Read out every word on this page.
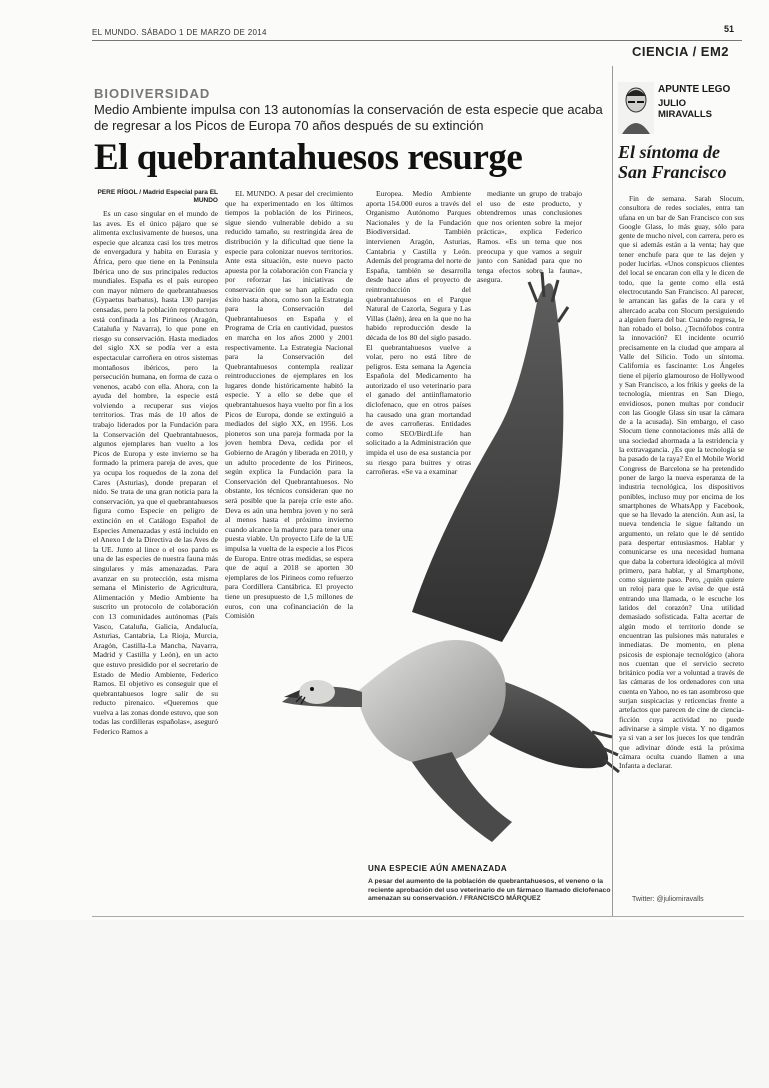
EL MUNDO. SÁBADO 1 DE MARZO DE 2014	51
CIENCIA / EM2
BIODIVERSIDAD
Medio Ambiente impulsa con 13 autonomías la conservación de esta especie que acaba de regresar a los Picos de Europa 70 años después de su extinción
El quebrantahuesos resurge
PERE RÍGOL / Madrid Especial para EL MUNDO

Es un caso singular en el mundo de las aves. Es el único pájaro que se alimenta exclusivamente de huesos, una especie que alcanza casi los tres metros de envergadura y habita en Eurasia y África, pero que tiene en la Península Ibérica uno de sus principales reductos mundiales. España es el país europeo con mayor número de quebrantahuesos (Gypaetus barbatus), hasta 130 parejas censadas, pero la población reproductora está confinada a los Pirineos (Aragón, Cataluña y Navarra), lo que pone en riesgo su conservación. Hasta mediados del siglo XX se podía ver a esta espectacular carroñera en otros sistemas montañosos ibéricos, pero la persecución humana, en forma de caza o venenos, acabó con ella. Ahora, con la ayuda del hombre, la especie está volviendo a recuperar sus viejos territorios. Tras más de 10 años de trabajo liderados por la Fundación para la Conservación del Quebrantahuesos, algunos ejemplares han vuelto a los Picos de Europa y este invierno se ha formado la primera pareja de aves, que ya ocupa los roquedos de la zona del Cares (Asturias), donde preparan el nido. Se trata de una gran noticia para la conservación, ya que el quebrantahuesos figura como Especie en peligro de extinción en el Catálogo Español de Especies Amenazadas y está incluido en el Anexo I de la Directiva de las Aves de la UE. Junto al lince o el oso pardo es una de las especies de nuestra fauna más singulares y más amenazadas. Para avanzar en su protección, esta misma semana el Ministerio de Agricultura, Alimentación y Medio Ambiente ha suscrito un protocolo de colaboración con 13 comunidades autónomas (País Vasco, Cataluña, Galicia, Andalucía, Asturias, Cantabria, La Rioja, Murcia, Aragón, Castilla-La Mancha, Navarra, Madrid y Castilla y León), en un acto que estuvo presidido por el secretario de Estado de Medio Ambiente, Federico Ramos. El objetivo es conseguir que el quebrantahuesos logre salir de su reducto pirenaico. «Queremos que vuelva a las zonas donde estuvo, que son todas las cordilleras españolas», aseguró Federico Ramos a

EL MUNDO. A pesar del crecimiento que ha experimentado en los últimos tiempos la población de los Pirineos, sigue siendo vulnerable debido a su reducido tamaño, su restringida área de distribución y la dificultad que tiene la especie para colonizar nuevos territorios. Ante esta situación, este nuevo pacto apuesta por la colaboración con Francia y por reforzar las iniciativas de conservación que se han aplicado con éxito hasta ahora, como son la Estrategia para la Conservación del Quebrantahuesos en España y el Programa de Cría en cautividad, puestos en marcha en los años 2000 y 2001 respectivamente. La Estrategia Nacional para la Conservación del Quebrantahuesos contempla realizar reintroducciones de ejemplares en los lugares donde históricamente habitó la especie. Y a ello se debe que el quebrantahuesos haya vuelto por fin a los Picos de Europa, donde se extinguió a mediados del siglo XX, en 1956. Los pioneros son una pareja formada por la joven hembra Deva, cedida por el Gobierno de Aragón y liberada en 2010, y un adulto procedente de los Pirineos, según explica la Fundación para la Conservación del Quebrantahuesos. No obstante, los técnicos consideran que no será posible que la pareja críe este año. Deva es aún una hembra joven y no será al menos hasta el próximo invierno cuando alcance la madurez para tener una puesta viable. Un proyecto Life de la UE impulsa la vuelta de la especie a los Picos de Europa. Entre otras medidas, se espera que de aquí a 2018 se aporten 30 ejemplares de los Pirineos como refuerzo para Cordillera Cantábrica. El proyecto tiene un presupuesto de 1,5 millones de euros, con una cofinanciación de la Comisión

Europea. Medio Ambiente aporta 154.000 euros a través del Organismo Autónomo Parques Nacionales y de la Fundación Biodiversidad. También intervienen Aragón, Asturias, Cantabria y Castilla y León. Además del programa del norte de España, también se desarrolla desde hace años el proyecto de reintroducción del quebrantahuesos en el Parque Natural de Cazorla, Segura y Las Villas (Jaén), área en la que no ha habido reproducción desde la década de los 80 del siglo pasado. El quebrantahuesos vuelve a volar, pero no está libre de peligros. Esta semana la Agencia Española del Medicamento ha autorizado el uso veterinario para el ganado del antiinflamatorio diclofenaco, que en otros países ha causado una gran mortandad de aves carroñeras. Entidades como SEO/BirdLife han solicitado a la Administración que impida el uso de esa sustancia por su riesgo para buitres y otras carroñeras. «Se va a examinar

mediante un grupo de trabajo el uso de este producto, y obtendremos unas conclusiones que nos orienten sobre la mejor práctica», explica Federico Ramos. «Es un tema que nos preocupa y que vamos a seguir junto con Sanidad para que no tenga efectos sobre la fauna», asegura.

UNA ESPECIE AÚN AMENAZADA
A pesar del aumento de la población de quebrantahuesos, el veneno o la reciente aprobación del uso veterinario de un fármaco llamado diclofenaco amenazan su conservación. / FRANCISCO MÁRQUEZ
APUNTE LEGO
JULIO
MIRAVALLS
El síntoma de San Francisco

Fin de semana. Sarah Slocum, consultora de redes sociales, entra tan ufana en un bar de San Francisco con sus Google Glass, lo más guay, sólo para gente de mucho nivel, con carrera, pero es que si además están a la venta; hay que tener enchufe para que te las dejen y poder lucirlas. «Unos conspicuos clientes del local se encaran con ella y le dicen de todo, que la gente como ella está electrocutando San Francisco. Al parecer, le arrancan las gafas de la cara y el altercado acaba con Slocum persiguiendo a alguien fuera del bar. Cuando regresa, le han robado el bolso. ¿Tecnófobos contra la innovación? El incidente ocurrió precisamente en la ciudad que ampara al Valle del Silicio. Todo un síntoma. California es fascinante: Los Ángeles tiene el pijerío glamouroso de Hollywood y San Francisco, a los frikis y geeks de la tecnología, mientras en San Diego, envidiosos, ponen multas por conducir con las Google Glass sin usar la cámara de a la acusada). Sin embargo, el caso Slocum tiene connotaciones más allá de una sociedad ahormada a la estridencia y la extravagancia. ¿Es que la tecnología se ha pasado de la raya? En el Mobile World Congress de Barcelona se ha pretendido poner de largo la nueva esperanza de la industria tecnológica, los dispositivos ponibles, incluso muy por encima de los smartphones de WhatsApp y Facebook, que se ha llevado la atención. Aun así, la nueva tendencia le sigue faltando un argumento, un relato que le dé sentido para despertar entusiasmos. Hablar y comunicarse es una necesidad humana que daba la cobertura ideológica al móvil primero, para hablar, y al Smartphone, como siguiente paso. Pero, ¿quién quiere un reloj para que le avise de que está entrando una llamada, o le escuche los latidos del corazón? Una utilidad demasiado sofisticada. Falta acertar de algún modo el territorio donde se encuentran las pulsiones más naturales e inmediatas. De momento, en plena psicosis de espionaje tecnológico (ahora nos cuentan que el servicio secreto británico podía ver a voluntad a través de las cámaras de los ordenadores con una cuenta en Yahoo, no es tan asombroso que surjan suspicacias y reticencias frente a artefactos que parecen de cine de ciencia-ficción cuya actividad no puede adivinarse a simple vista. Y no digamos ya si van a ser los jueces los que tendrán que adivinar dónde está la próxima cámara oculta cuando llamen a una Infanta a declarar.

Twitter: @juliomiravalls
